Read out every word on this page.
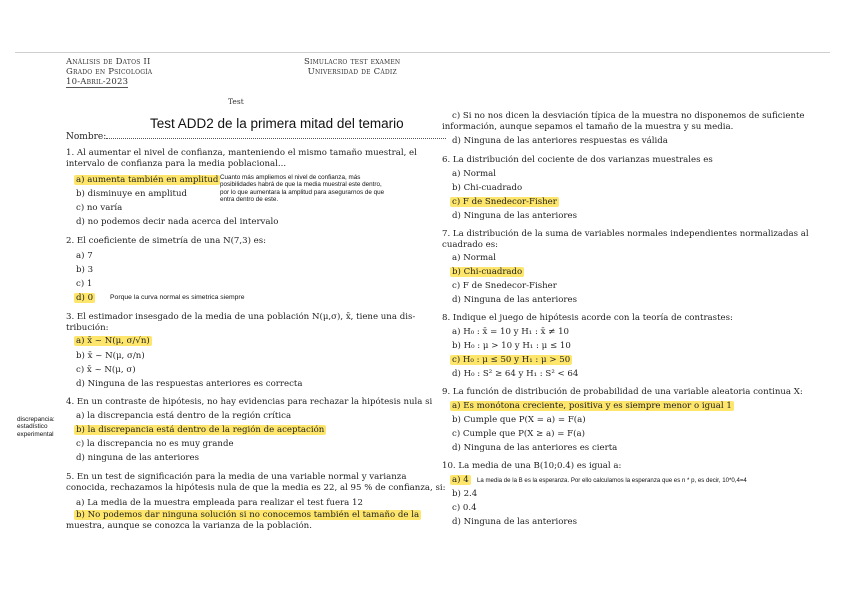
Análisis de Datos II
Grado en Psicología
10-Abril-2023
Simulacro test examen
Universidad de Cádiz
Test
Test ADD2 de la primera mitad del temario
Nombre:
1. Al aumentar el nivel de confianza, manteniendo el mismo tamaño muestral, el
intervalo de confianza para la media poblacional...
a) aumenta también en amplitud
b) disminuye en amplitud
c) no varía
d) no podemos decir nada acerca del intervalo
Cuanto más ampliemos el nivel de confianza, más
posibilidades habrá de que la media muestral este dentro,
por lo que aumentara la amplitud para asegurarnos de que
entra dentro de este.
2. El coeficiente de simetría de una N(7,3) es:
a) 7
b) 3
c) 1
d) 0 Porque la curva normal es simetrica siempre
3. El estimador insesgado de la media de una población N(μ,σ), x̄, tiene una dis-
tribución:
a) x̄ ~ N(μ, σ/√n)
b) x̄ ~ N(μ, σ/n)
c) x̄ ~ N(μ, σ)
d) Ninguna de las respuestas anteriores es correcta
4. En un contraste de hipótesis, no hay evidencias para rechazar la hipótesis nula si
a) la discrepancia está dentro de la región crítica
b) la discrepancia está dentro de la región de aceptación
c) la discrepancia no es muy grande
d) ninguna de las anteriores
discrepancia:
estadístico
experimental
5. En un test de significación para la media de una variable normal y varianza
conocida, rechazamos la hipótesis nula de que la media es 22, al 95 % de confianza, si:
a) La media de la muestra empleada para realizar el test fuera 12
b) No podemos dar ninguna solución si no conocemos también el tamaño de la
muestra, aunque se conozca la varianza de la población.
c) Si no nos dicen la desviación típica de la muestra no disponemos de suficiente
información, aunque sepamos el tamaño de la muestra y su media.
d) Ninguna de las anteriores respuestas es válida
6. La distribución del cociente de dos varianzas muestrales es
a) Normal
b) Chi-cuadrado
c) F de Snedecor-Fisher
d) Ninguna de las anteriores
7. La distribución de la suma de variables normales independientes normalizadas al
cuadrado es:
a) Normal
b) Chi-cuadrado
c) F de Snedecor-Fisher
d) Ninguna de las anteriores
8. Indique el juego de hipótesis acorde con la teoría de contrastes:
a) H₀ : x̄ = 10 y H₁ : x̄ ≠ 10
b) H₀ : μ > 10 y H₁ : μ ≤ 10
c) H₀ : μ ≤ 50 y H₁ : μ > 50
d) H₀ : S² ≥ 64 y H₁ : S² < 64
9. La función de distribución de probabilidad de una variable aleatoria continua X:
a) Es monótona creciente, positiva y es siempre menor o igual 1
b) Cumple que P(X = a) = F(a)
c) Cumple que P(X ≥ a) = F(a)
d) Ninguna de las anteriores es cierta
10. La media de una B(10;0.4) es igual a:
a) 4	La media de la B es la esperanza. Por ello calculamos la esperanza que es n * p, es decir, 10*0,4=4
b) 2.4
c) 0.4
d) Ninguna de las anteriores
